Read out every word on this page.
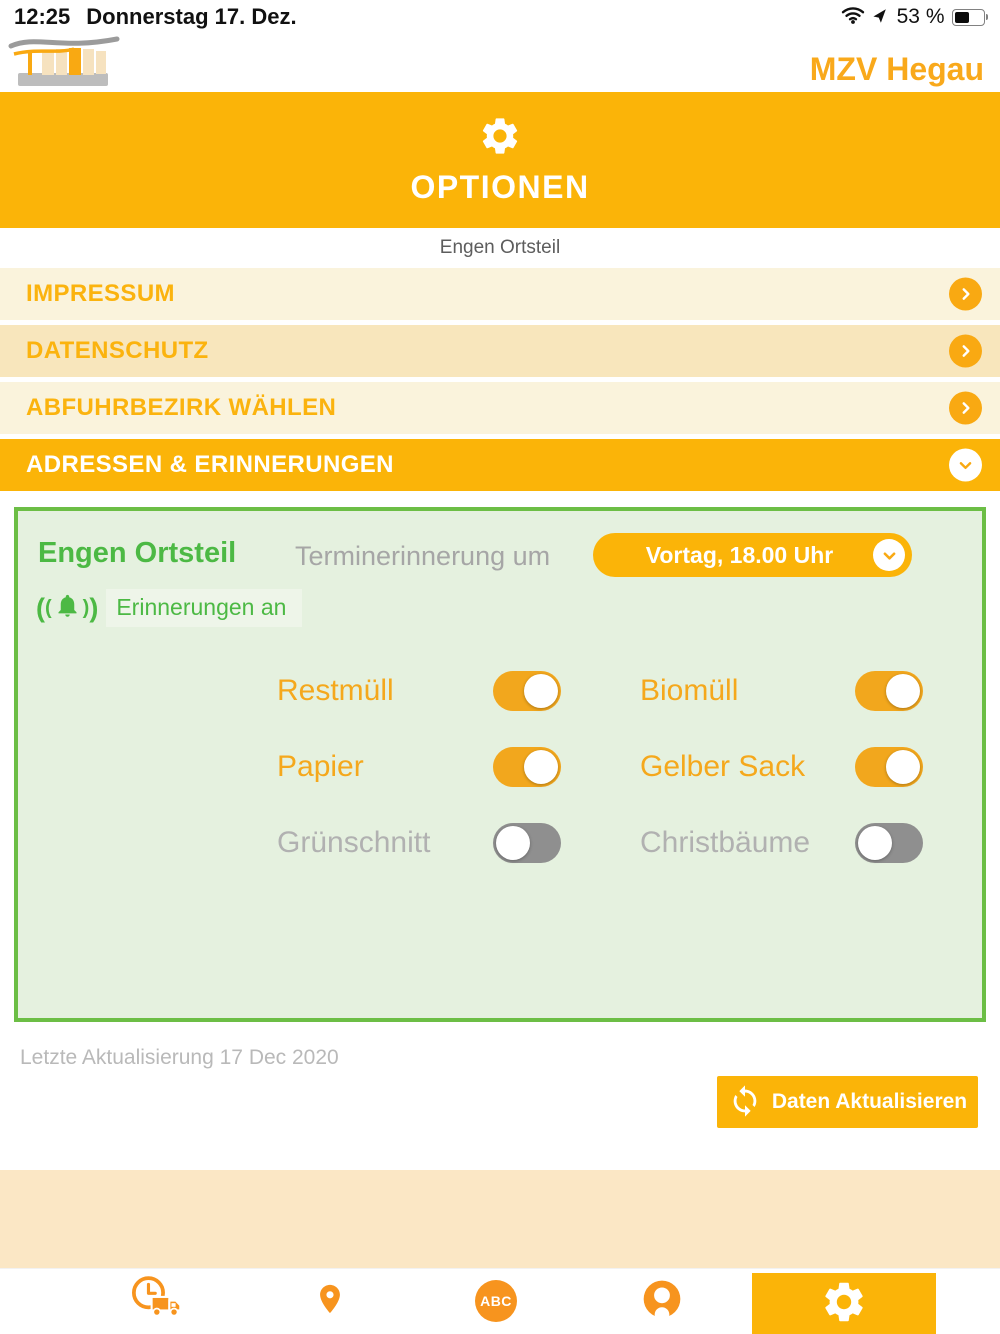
12:25 Donnerstag 17. Dez.	53 %
MZV Hegau
OPTIONEN
Engen Ortsteil
IMPRESSUM
DATENSCHUTZ
ABFUHRBEZIRK WÄHLEN
ADRESSEN & ERINNERUNGEN
Engen Ortsteil Terminerinnerung um	Vortag, 18.00 Uhr
( ( ) ) Erinnerungen an
Restmüll	Biomüll
Papier	Gelber Sack
Grünschnitt	Christbäume
Letzte Aktualisierung 17 Dec 2020
Daten Aktualisieren
ABC
